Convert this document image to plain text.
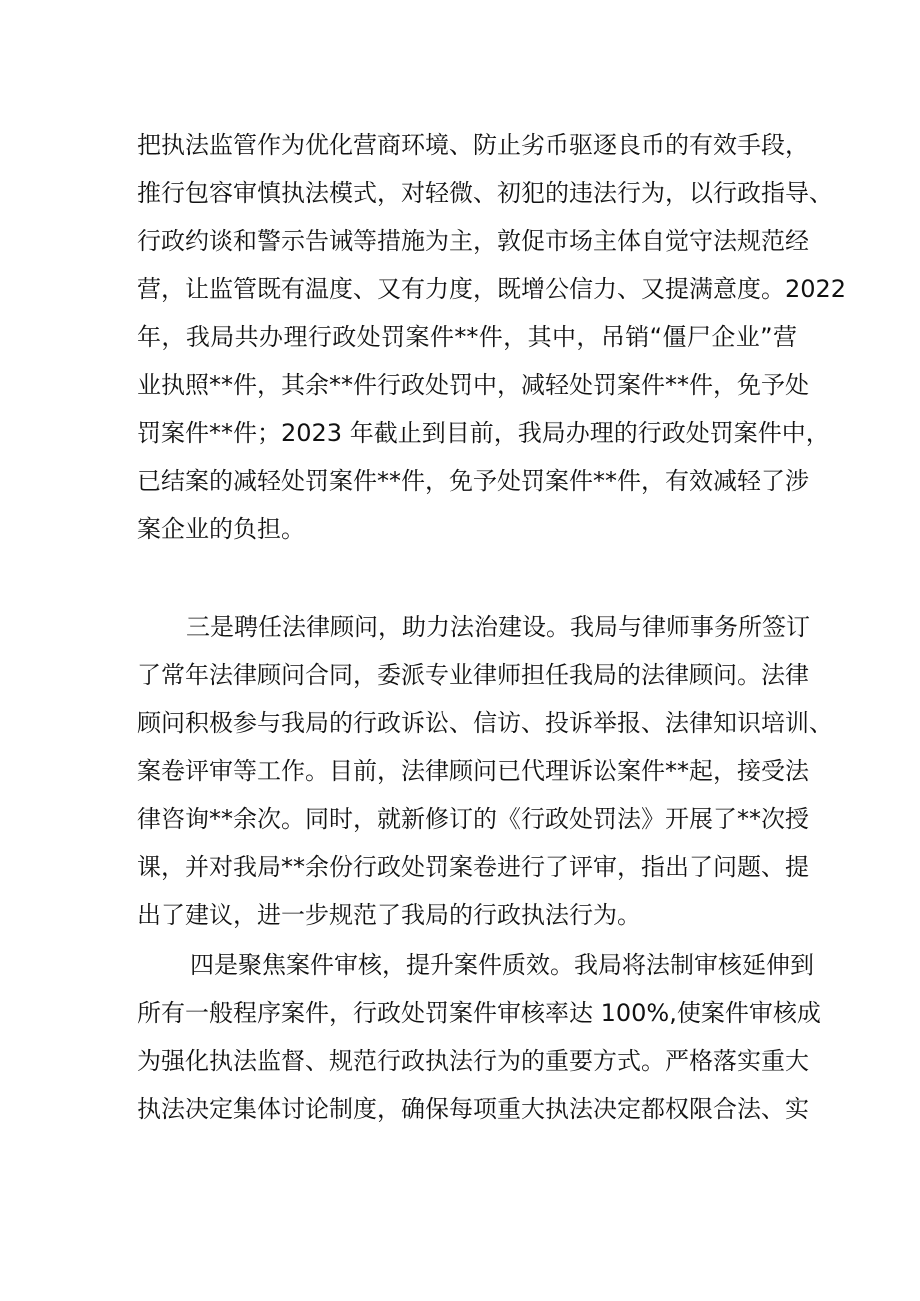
把执法监管作为优化营商环境、防止劣币驱逐良币的有效手段，
推行包容审慎执法模式，对轻微、初犯的违法行为，以行政指导、
行政约谈和警示告诫等措施为主，敦促市场主体自觉守法规范经
营，让监管既有温度、又有力度，既增公信力、又提满意度。2022
年，我局共办理行政处罚案件**件，其中，吊销“僵尸企业”营
业执照**件，其余**件行政处罚中，减轻处罚案件**件，免予处
罚案件**件；2023 年截止到目前，我局办理的行政处罚案件中，
已结案的减轻处罚案件**件，免予处罚案件**件，有效减轻了涉
案企业的负担。
三是聘任法律顾问，助力法治建设。我局与律师事务所签订
了常年法律顾问合同，委派专业律师担任我局的法律顾问。法律
顾问积极参与我局的行政诉讼、信访、投诉举报、法律知识培训、
案卷评审等工作。目前，法律顾问已代理诉讼案件**起，接受法
律咨询**余次。同时，就新修订的《行政处罚法》开展了**次授
课，并对我局**余份行政处罚案卷进行了评审，指出了问题、提
出了建议，进一步规范了我局的行政执法行为。
四是聚焦案件审核，提升案件质效。我局将法制审核延伸到
所有一般程序案件，行政处罚案件审核率达 100%,使案件审核成
为强化执法监督、规范行政执法行为的重要方式。严格落实重大
执法决定集体讨论制度，确保每项重大执法决定都权限合法、实
